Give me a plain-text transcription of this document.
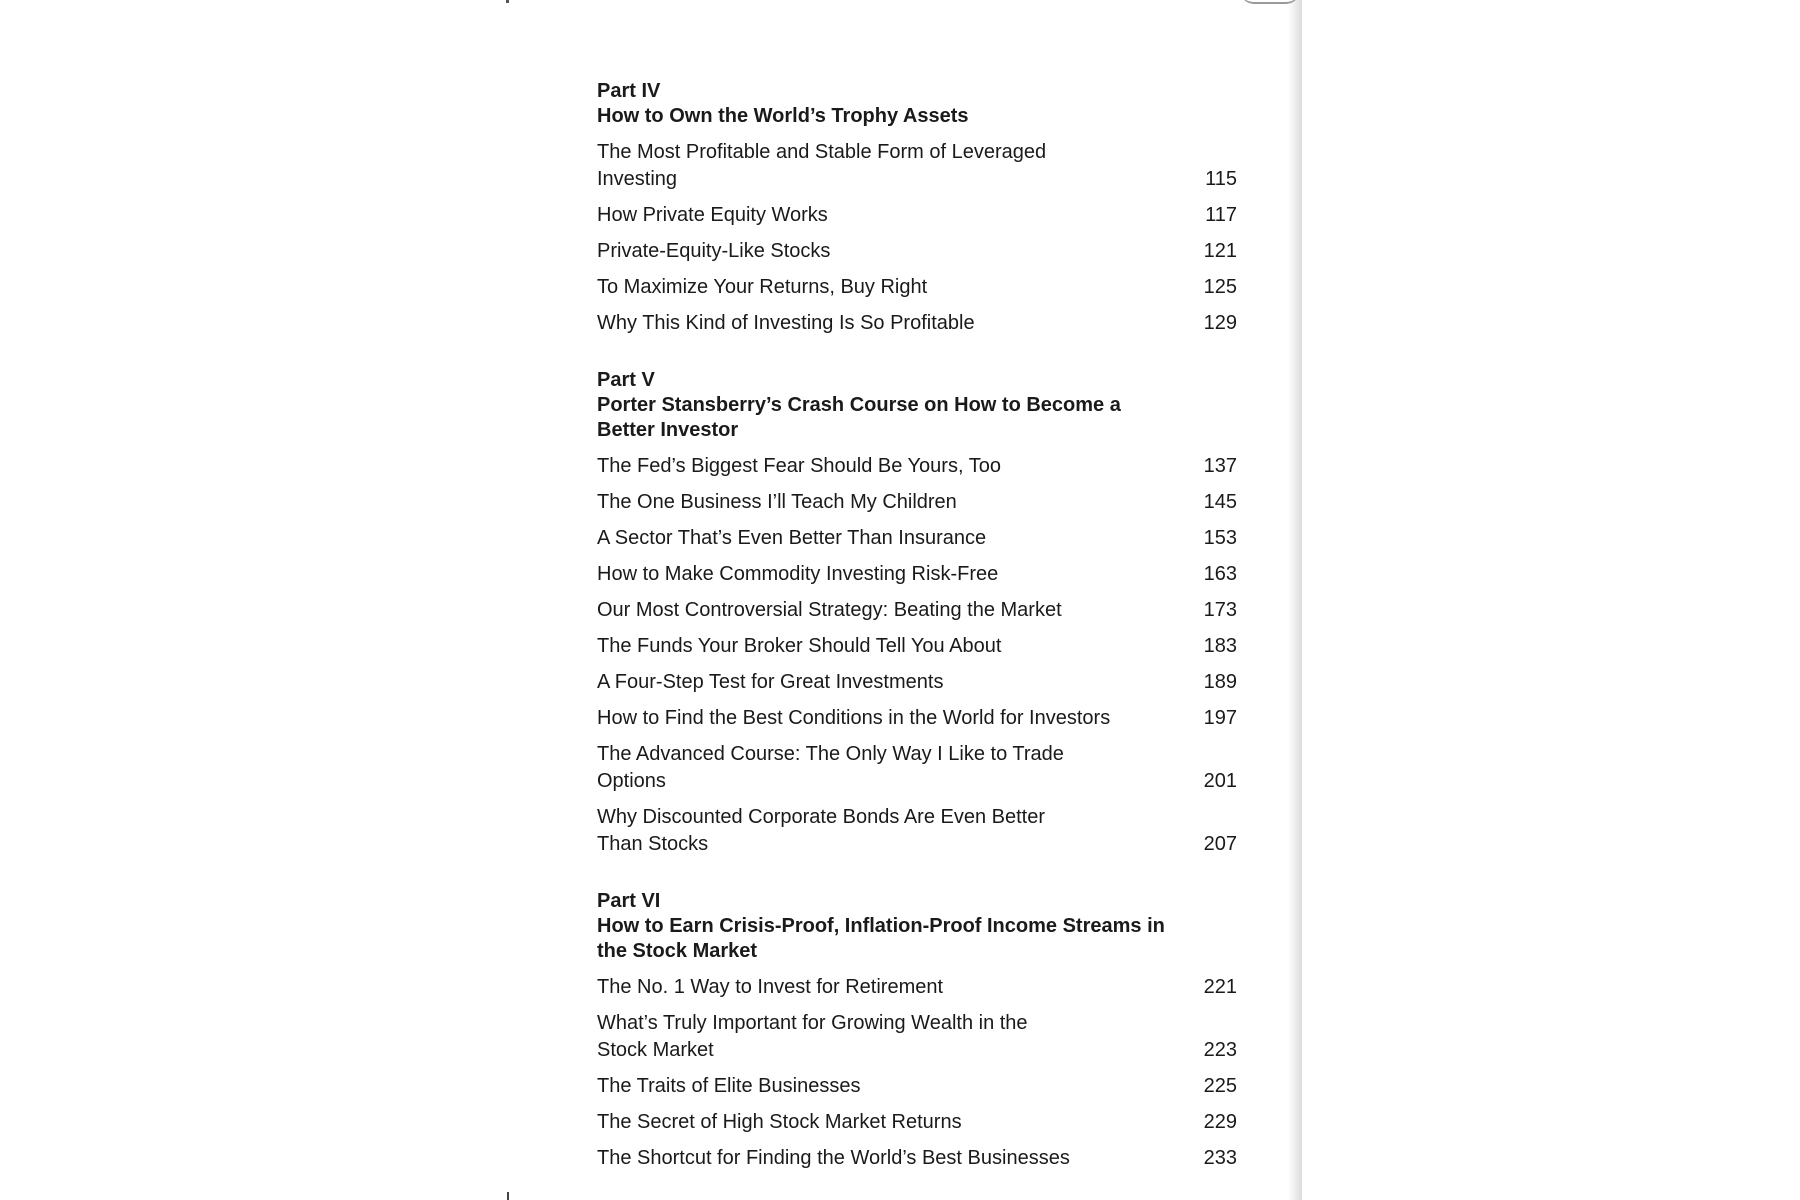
Part IV
How to Own the World’s Trophy Assets
The Most Profitable and Stable Form of Leveraged Investing	115
How Private Equity Works	117
Private-Equity-Like Stocks	121
To Maximize Your Returns, Buy Right	125
Why This Kind of Investing Is So Profitable	129
Part V
Porter Stansberry’s Crash Course on How to Become a Better Investor
The Fed’s Biggest Fear Should Be Yours, Too	137
The One Business I’ll Teach My Children	145
A Sector That’s Even Better Than Insurance	153
How to Make Commodity Investing Risk-Free	163
Our Most Controversial Strategy: Beating the Market	173
The Funds Your Broker Should Tell You About	183
A Four-Step Test for Great Investments	189
How to Find the Best Conditions in the World for Investors	197
The Advanced Course: The Only Way I Like to Trade Options	201
Why Discounted Corporate Bonds Are Even Better Than Stocks	207
Part VI
How to Earn Crisis-Proof, Inflation-Proof Income Streams in the Stock Market
The No. 1 Way to Invest for Retirement	221
What’s Truly Important for Growing Wealth in the Stock Market	223
The Traits of Elite Businesses	225
The Secret of High Stock Market Returns	229
The Shortcut for Finding the World’s Best Businesses	233
